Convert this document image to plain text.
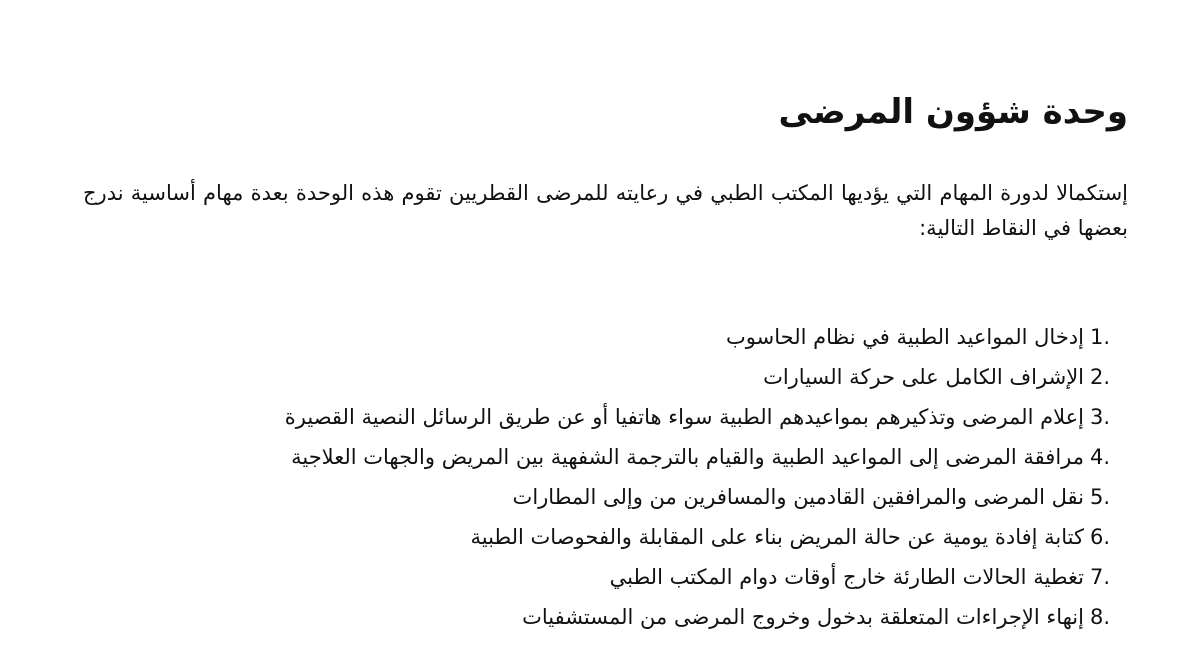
وحدة شؤون المرضى

إستكمالا لدورة المهام التي يؤديها المكتب الطبي في رعايته للمرضى القطريين تقوم هذه الوحدة بعدة مهام أساسية ندرج بعضها في النقاط التالية:

1.
إدخال المواعيد الطبية في نظام الحاسوب
2.
الإشراف الكامل على حركة السيارات
3.
إعلام المرضى وتذكيرهم بمواعيدهم الطبية سواء هاتفيا أو عن طريق الرسائل النصية القصيرة
4.
مرافقة المرضى إلى المواعيد الطبية والقيام بالترجمة الشفهية بين المريض والجهات العلاجية
5.
نقل المرضى والمرافقين القادمين والمسافرين من وإلى المطارات
6.
كتابة إفادة يومية عن حالة المريض بناء على المقابلة والفحوصات الطبية
7.
تغطية الحالات الطارئة خارج أوقات دوام المكتب الطبي
8.
إنهاء الإجراءات المتعلقة بدخول وخروج المرضى من المستشفيات
